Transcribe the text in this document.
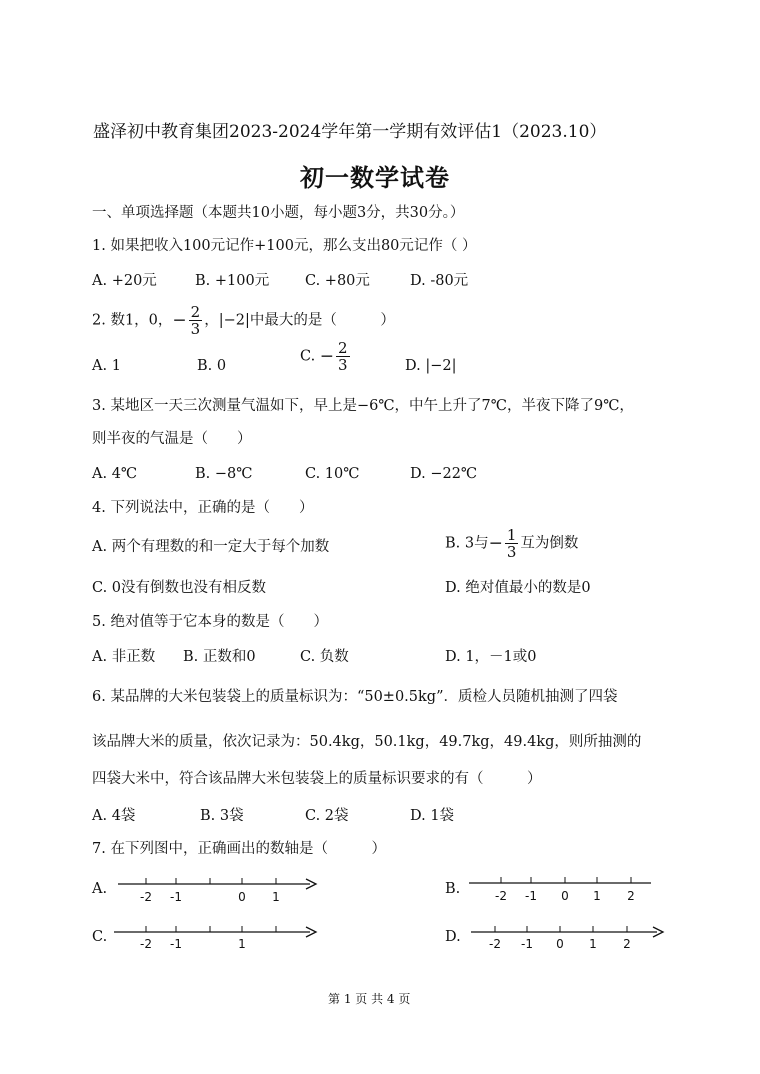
盛泽初中教育集团2023-2024学年第一学期有效评估1（2023.10）
初一数学试卷
一、单项选择题（本题共10小题，每小题3分，共30分。）
1. 如果把收入100元记作+100元，那么支出80元记作（ ）
A. +20元	B. +100元 C. +80元	D. -80元
2. 数1，0，− $\frac{2}{3}$ ，|−2|中最大的是（　　　）
A. 1	B. 0
C. − $\frac{2}{3}$	D. |−2|
3. 某地区一天三次测量气温如下，早上是−6℃，中午上升了7℃，半夜下降了9℃，
则半夜的气温是（　　）
A. 4℃	B. −8℃	C. 10℃	D. −22℃
4. 下列说法中，正确的是（　　）
A. 两个有理数的和一定大于每个加数	B. 3与− $\frac{1}{3}$ 互为倒数
C. 0没有倒数也没有相反数	D. 绝对值最小的数是0
5. 绝对值等于它本身的数是（　　）
A. 非正数 B. 正数和0	C. 负数	D. 1，－1或0
6. 某品牌的大米包装袋上的质量标识为：“50±0.5kg”．质检人员随机抽测了四袋
该品牌大米的质量，依次记录为：50.4kg，50.1kg，49.7kg，49.4kg，则所抽测的
四袋大米中，符合该品牌大米包装袋上的质量标识要求的有（　　　）
A. 4袋	B. 3袋	C. 2袋	D. 1袋
7. 在下列图中，正确画出的数轴是（　　　）
A.	-2 -1	0 1	B.	-2 -1 0 1 2
C.	-2 -1	1	D. -2 -1 0 1 2
第 1 页 共 4 页
